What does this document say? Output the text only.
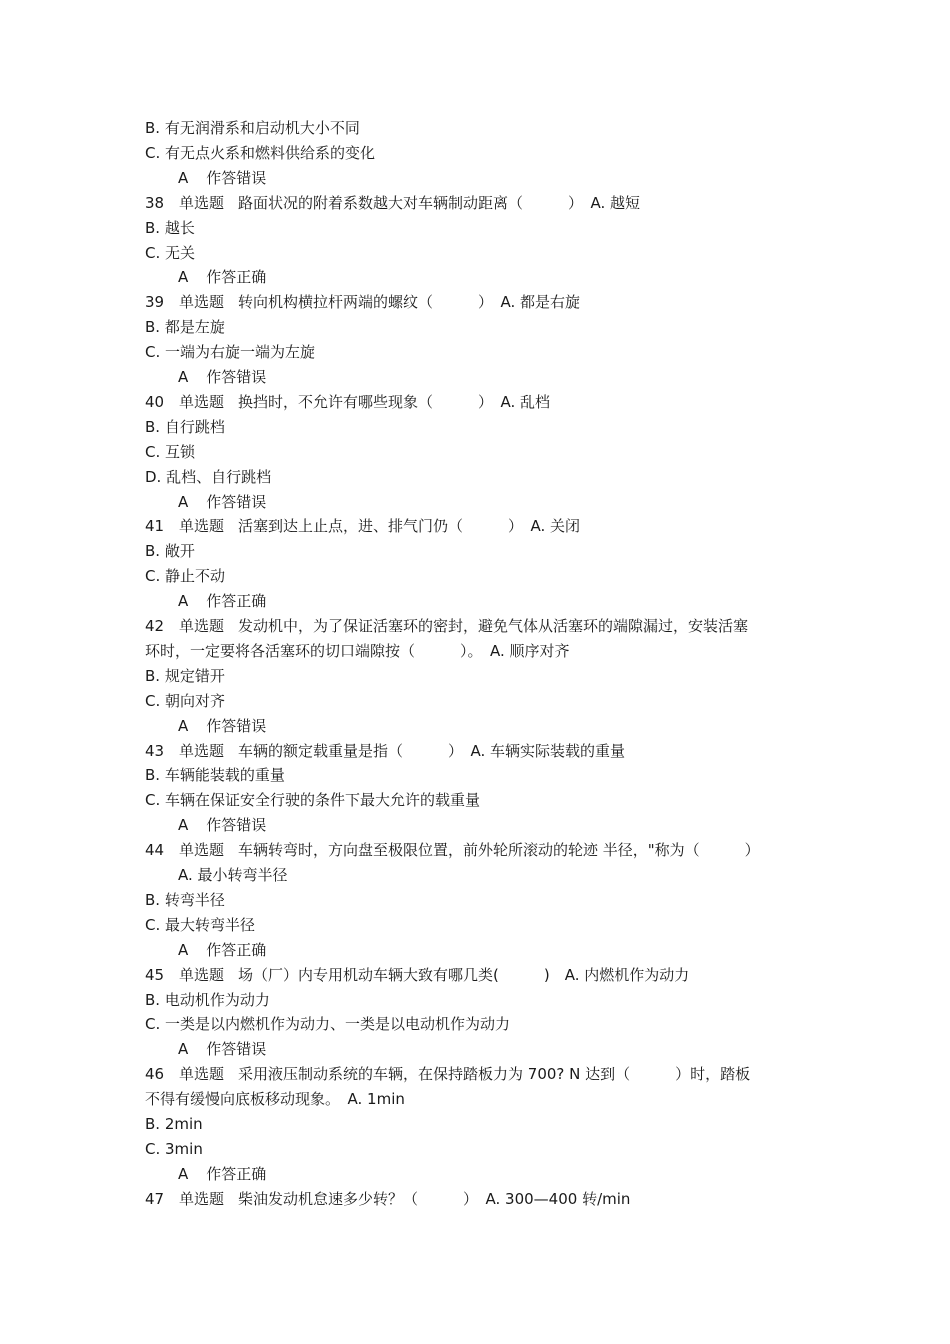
B. 有无润滑系和启动机大小不同
C. 有无点火系和燃料供给系的变化
A 作答错误
38 单选题 路面状况的附着系数越大对车辆制动距离（　　　）　A. 越短
B. 越长
C. 无关
A 作答正确
39 单选题 转向机构横拉杆两端的螺纹（　　　）　A. 都是右旋
B. 都是左旋
C. 一端为右旋一端为左旋
A 作答错误
40 单选题 换挡时，不允许有哪些现象（　　　）　A. 乱档
B. 自行跳档
C. 互锁
D. 乱档、自行跳档
A 作答错误
41 单选题 活塞到达上止点，进、排气门仍（　　　）　A. 关闭
B. 敞开
C. 静止不动
A 作答正确
42 单选题 发动机中，为了保证活塞环的密封，避免气体从活塞环的端隙漏过，安装活塞
环时，一定要将各活塞环的切口端隙按（　　　）。　A. 顺序对齐
B. 规定错开
C. 朝向对齐
A 作答错误
43 单选题 车辆的额定载重量是指（　　　）　A. 车辆实际装载的重量
B. 车辆能装载的重量
C. 车辆在保证安全行驶的条件下最大允许的载重量
A 作答错误
44 单选题 车辆转弯时，方向盘至极限位置，前外轮所滚动的轮迹 半径，"称为（　　　）
A. 最小转弯半径
B. 转弯半径
C. 最大转弯半径
A 作答正确
45 单选题 场（厂）内专用机动车辆大致有哪几类(　　　)　A. 内燃机作为动力
B. 电动机作为动力
C. 一类是以内燃机作为动力、一类是以电动机作为动力
A 作答错误
46 单选题 采用液压制动系统的车辆，在保持踏板力为 700? N 达到（　　　）时，踏板
不得有缓慢向底板移动现象。　A. 1min
B. 2min
C. 3min
A 作答正确
47 单选题 柴油发动机怠速多少转？（　　　）　A. 300—400 转/min
